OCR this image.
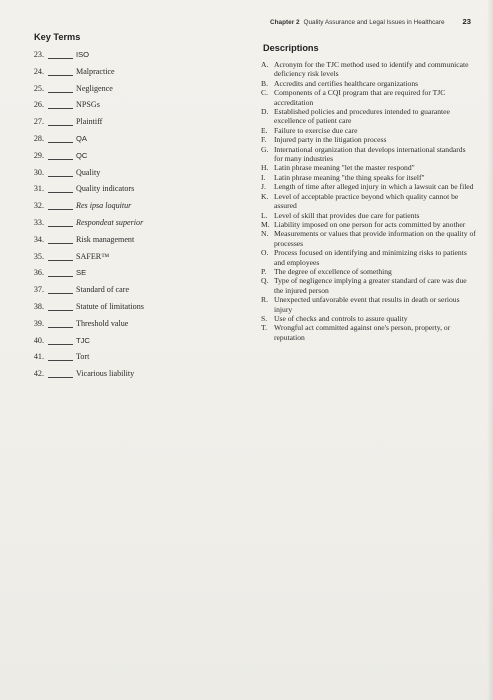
Chapter 2 Quality Assurance and Legal Issues in Healthcare 23
Key Terms
Descriptions
23.	ISO
24.	Malpractice
25.	Negligence
26.	NPSGs
27.	Plaintiff
28.	QA
29.	QC
30.	Quality
31.	Quality indicators
32.	Res ipsa loquitur
33.	Respondeat superior
34.	Risk management
35.	SAFER™
36.	SE
37.	Standard of care
38.	Statute of limitations
39.	Threshold value
40.	TJC
41.	Tort
42.	Vicarious liability
A. Acronym for the TJC method used to identify and communicate deficiency risk levels
B. Accredits and certifies healthcare organizations
C. Components of a CQI program that are required for TJC accreditation
D. Established policies and procedures intended to guarantee excellence of patient care
E. Failure to exercise due care
F. Injured party in the litigation process
G. International organization that develops international standards for many industries
H. Latin phrase meaning "let the master respond"
I. Latin phrase meaning "the thing speaks for itself"
J. Length of time after alleged injury in which a lawsuit can be filed
K. Level of acceptable practice beyond which quality cannot be assured
L. Level of skill that provides due care for patients
M. Liability imposed on one person for acts committed by another
N. Measurements or values that provide information on the quality of processes
O. Process focused on identifying and minimizing risks to patients and employees
P. The degree of excellence of something
Q. Type of negligence implying a greater standard of care was due the injured person
R. Unexpected unfavorable event that results in death or serious injury
S. Use of checks and controls to assure quality
T. Wrongful act committed against one's person, property, or reputation
